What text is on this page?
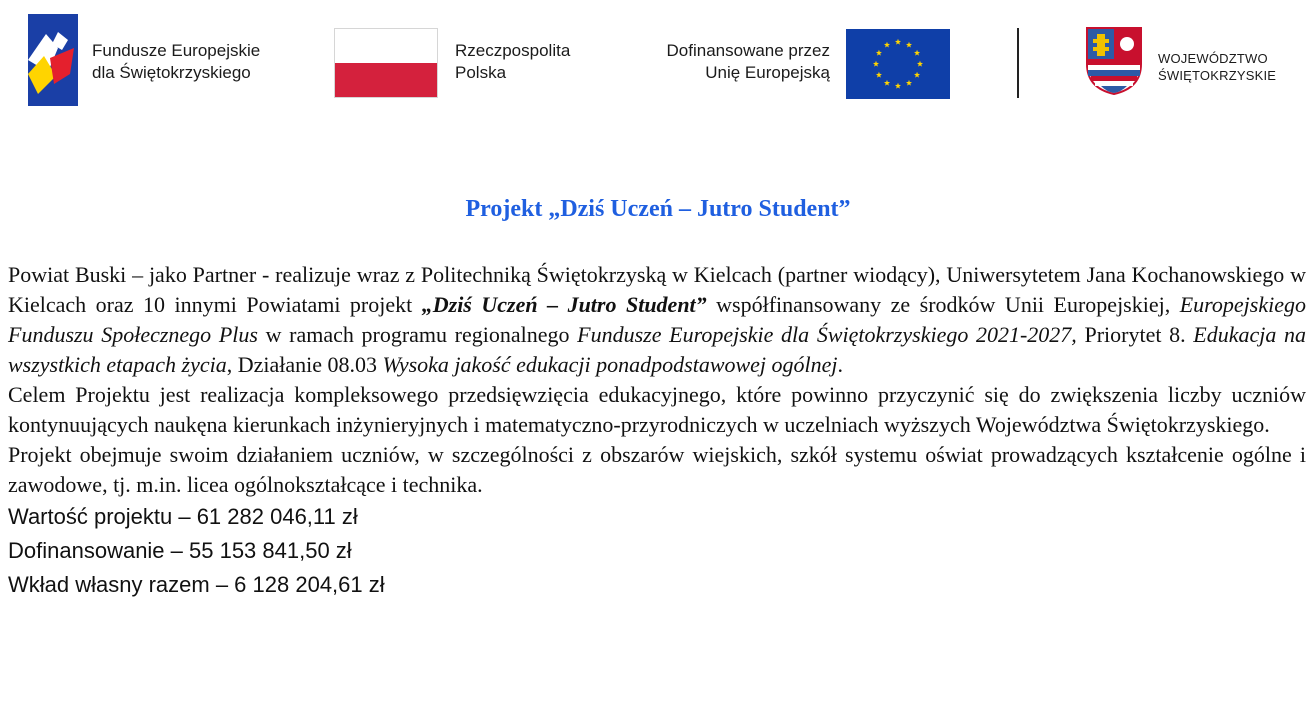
Fundusze Europejskie
dla Świętokrzyskiego
Rzeczpospolita
Polska
Dofinansowane przez
Unię Europejską
WOJEWÓDZTWO
ŚWIĘTOKRZYSKIE
Projekt „Dziś Uczeń – Jutro Student”

Powiat Buski – jako Partner - realizuje wraz z Politechniką Świętokrzyską w Kielcach (partner wiodący), Uniwersytetem Jana Kochanowskiego w Kielcach oraz 10 innymi Powiatami projekt „Dziś Uczeń – Jutro Student” współfinansowany ze środków Unii Europejskiej, Europejskiego Funduszu Społecznego Plus w ramach programu regionalnego Fundusze Europejskie dla Świętokrzyskiego 2021-2027, Priorytet 8. Edukacja na wszystkich etapach życia, Działanie 08.03 Wysoka jakość edukacji ponadpodstawowej ogólnej.

Celem Projektu jest realizacja kompleksowego przedsięwzięcia edukacyjnego, które powinno przyczynić się do zwiększenia liczby uczniów kontynuujących naukęna kierunkach inżynieryjnych i matematyczno-przyrodniczych w uczelniach wyższych Województwa Świętokrzyskiego.

Projekt obejmuje swoim działaniem uczniów, w szczególności z obszarów wiejskich, szkół systemu oświat prowadzących kształcenie ogólne i zawodowe, tj. m.in. licea ogólnokształcące i technika.

Wartość projektu – 61 282 046,11 zł

Dofinansowanie – 55 153 841,50 zł

Wkład własny razem – 6 128 204,61 zł
